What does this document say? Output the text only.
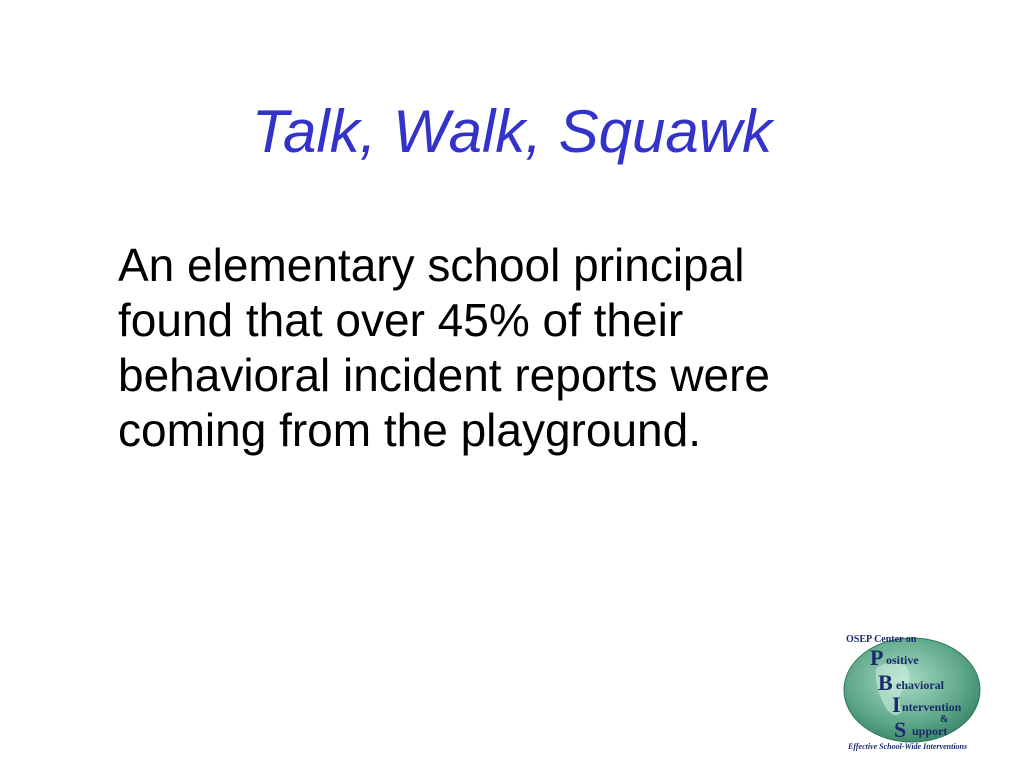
Talk, Walk, Squawk
An elementary school principal
found that over 45% of their
behavioral incident reports were
coming from the playground.
OSEP Center on
P
B
I
S
ositive
ehavioral
ntervention
&
upport
Effective School-Wide Interventions
